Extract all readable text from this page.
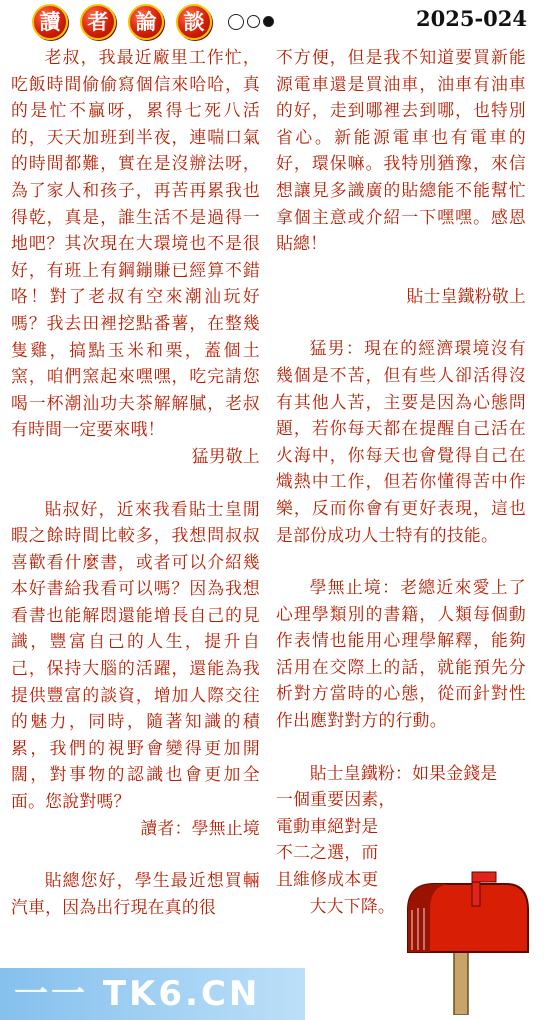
讀	者	論	談	2025-024

老叔，我最近廠里工作忙，吃飯時間偷偷寫個信來哈哈，真的是忙不贏呀，累得七死八活的，天天加班到半夜，連喘口氣的時間都難，實在是沒辦法呀，為了家人和孩子，再苦再累我也得乾，真是，誰生活不是過得一地吧？其次現在大環境也不是很好，有班上有鋼鏰賺已經算不錯咯！對了老叔有空來潮汕玩好嗎？我去田裡挖點番薯，在整幾隻雞，搞點玉米和栗，蓋個土窯，咱們窯起來嘿嘿，吃完請您喝一杯潮汕功夫茶解解膩，老叔有時間一定要來哦！

猛男敬上

貼叔好，近來我看貼士皇閒暇之餘時間比較多，我想問叔叔喜歡看什麼書，或者可以介紹幾本好書給我看可以嗎？因為我想看書也能解悶還能增長自己的見識，豐富自己的人生，提升自己，保持大腦的活躍，還能為我提供豐富的談資，增加人際交往的魅力，同時，隨著知識的積累，我們的視野會變得更加開闊，對事物的認識也會更加全面。您說對嗎？

讀者：學無止境

貼總您好，學生最近想買輛汽車，因為出行現在真的很

不方便，但是我不知道要買新能源電車還是買油車，油車有油車的好，走到哪裡去到哪，也特別省心。新能源電車也有電車的好，環保嘛。我特別猶豫，來信想讓見多識廣的貼總能不能幫忙拿個主意或介紹一下嘿嘿。感恩貼總！

貼士皇鐵粉敬上

猛男：現在的經濟環境沒有幾個是不苦，但有些人卻活得沒有其他人苦，主要是因為心態問題，若你每天都在提醒自己活在火海中，你每天也會覺得自己在熾熱中工作，但若你懂得苦中作樂，反而你會有更好表現，這也是部份成功人士特有的技能。

學無止境：老總近來愛上了心理學類別的書籍，人類每個動作表情也能用心理學解釋，能夠活用在交際上的話，就能預先分析對方當時的心態，從而針對性作出應對對方的行動。

貼士皇鐵粉：如果金錢是

一個重要因素，

電動車絕對是

不二之選，而

且維修成本更

大大下降。

一一 TK6.CN
